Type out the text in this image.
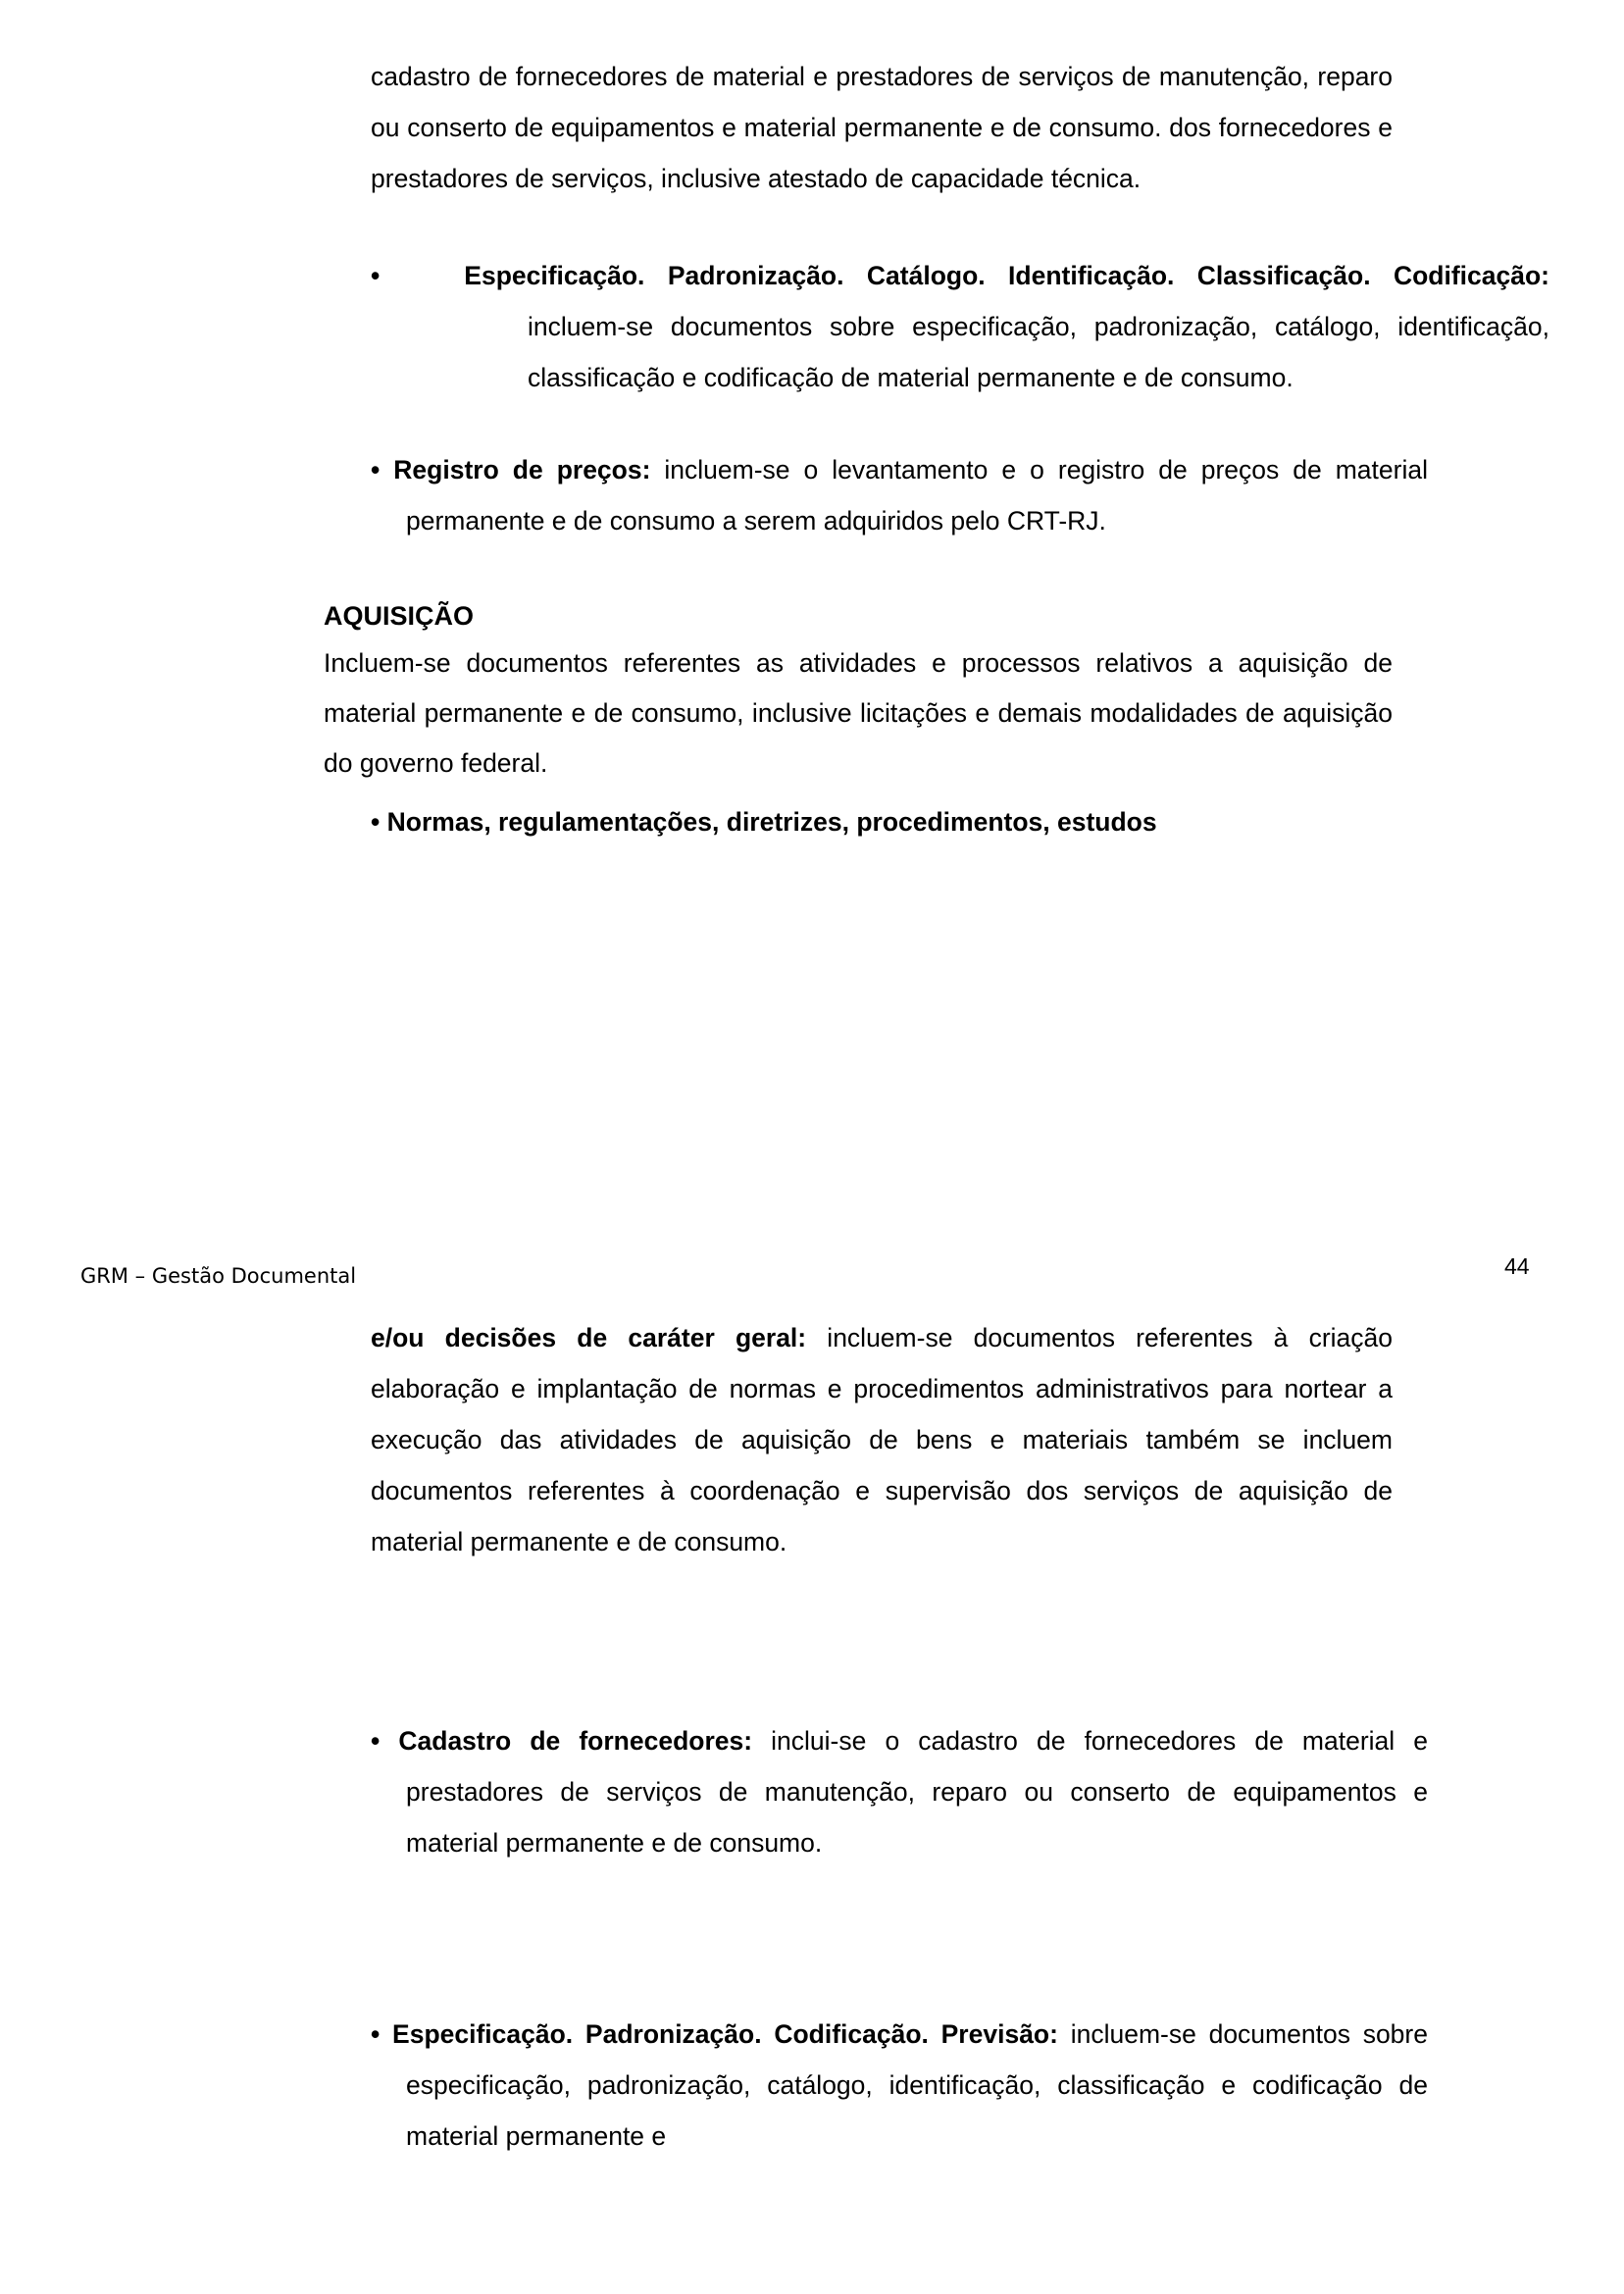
cadastro de fornecedores de material e prestadores de serviços de manutenção, reparo ou conserto de equipamentos e material permanente e de consumo. dos fornecedores e prestadores de serviços, inclusive atestado de capacidade técnica.

•	Especificação. Padronização. Catálogo. Identificação. Classificação. Codificação: incluem-se documentos sobre especificação, padronização, catálogo, identificação, classificação e codificação de material permanente e de consumo.

• Registro de preços: incluem-se o levantamento e o registro de preços de material permanente e de consumo a serem adquiridos pelo CRT-RJ.

AQUISIÇÃO

Incluem-se documentos referentes as atividades e processos relativos a aquisição de material permanente e de consumo, inclusive licitações e demais modalidades de aquisição do governo federal.

• Normas, regulamentações, diretrizes, procedimentos, estudos

GRM – Gestão Documental	44

e/ou decisões de caráter geral: incluem-se documentos referentes à criação elaboração e implantação de normas e procedimentos administrativos para nortear a execução das atividades de aquisição de bens e materiais também se incluem documentos referentes à coordenação e supervisão dos serviços de aquisição de material permanente e de consumo.

• Cadastro de fornecedores: inclui-se o cadastro de fornecedores de material e prestadores de serviços de manutenção, reparo ou conserto de equipamentos e material permanente e de consumo.

• Especificação. Padronização. Codificação. Previsão: incluem-se documentos sobre especificação, padronização, catálogo, identificação, classificação e codificação de material permanente e
